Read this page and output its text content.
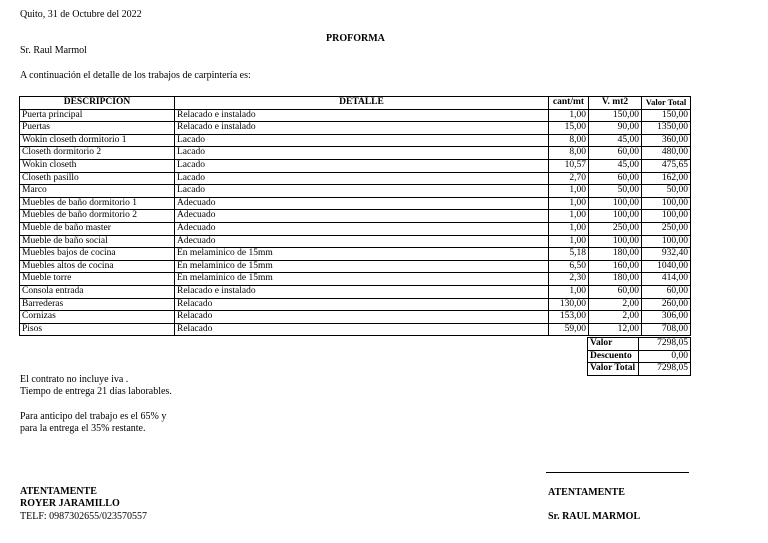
Quito, 31 de Octubre del 2022
PROFORMA
Sr. Raul Marmol
A continuación el detalle de los trabajos de carpintería es:
DESCRIPCION	DETALLE	cant/mt	V. mt2	Valor Total
Puerta principal	Relacado e instalado	1,00	150,00	150,00
Puertas	Relacado e instalado	15,00	90,00	1350,00
Wokin closeth dormitorio 1	Lacado	8,00	45,00	360,00
Closeth dormitorio 2	Lacado	8,00	60,00	480,00
Wokin closeth	Lacado	10,57	45,00	475,65
Closeth pasillo	Lacado	2,70	60,00	162,00
Marco	Lacado	1,00	50,00	50,00
Muebles de baño dormitorio 1	Adecuado	1,00	100,00	100,00
Muebles de baño dormitorio 2	Adecuado	1,00	100,00	100,00
Mueble de baño master	Adecuado	1,00	250,00	250,00
Mueble de baño social	Adecuado	1,00	100,00	100,00
Muebles bajos de cocina	En melaminico de 15mm	5,18	180,00	932,40
Muebles altos de cocina	En melaminico de 15mm	6,50	160,00	1040,00
Mueble torre	En melaminico de 15mm	2,30	180,00	414,00
Consola entrada	Relacado e instalado	1,00	60,00	60,00
Barrederas	Relacado	130,00	2,00	260,00
Cornizas	Relacado	153,00	2,00	306,00
Pisos	Relacado	59,00	12,00	708,00
Valor	7298,05
Descuento	0,00
Valor Total	7298,05
El contrato no incluye iva .
Tiempo de entrega 21 días laborables.
Para anticipo del trabajo es el 65% y
para la entrega el 35% restante.
ATENTAMENTE
ROYER JARAMILLO
TELF: 0987302655/023570557
ATENTAMENTE
Sr. RAUL MARMOL
